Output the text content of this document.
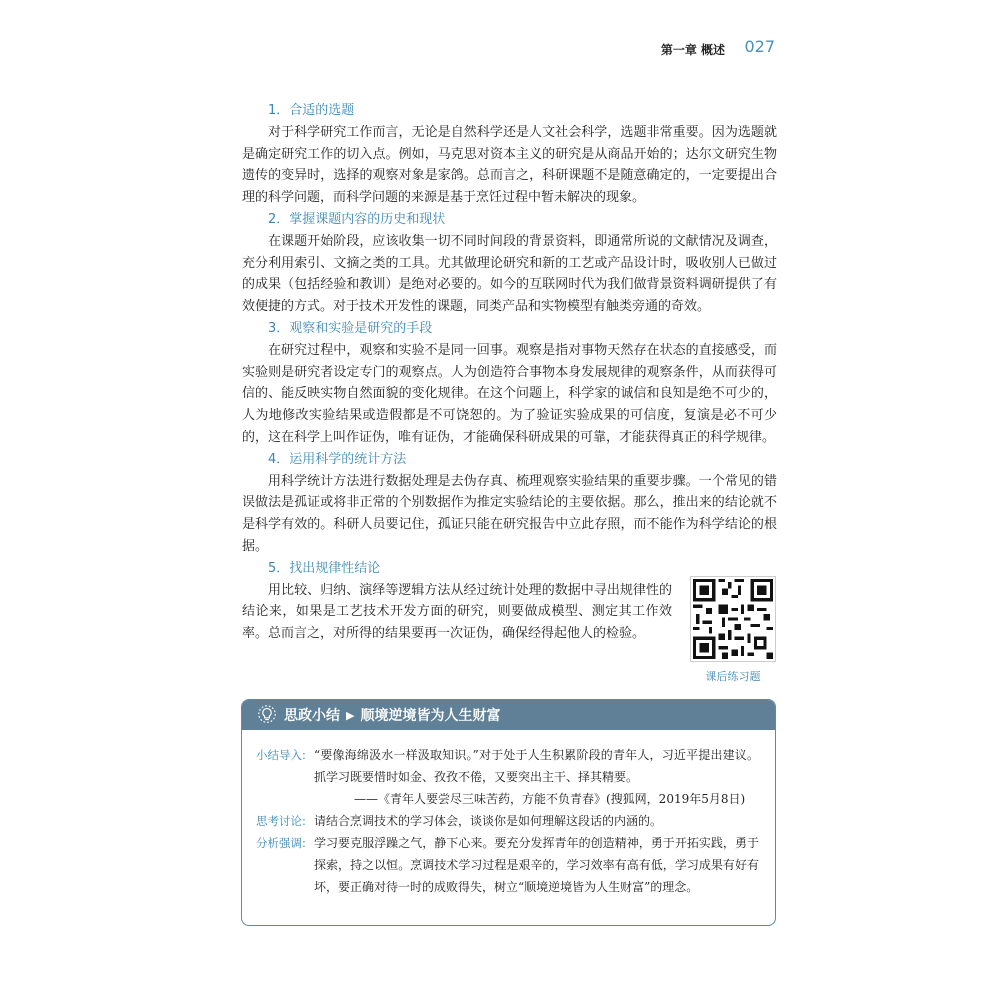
第一章 概述 027
1．合适的选题

对于科学研究工作而言，无论是自然科学还是人文社会科学，选题非常重要。因为选题就是确定研究工作的切入点。例如，马克思对资本主义的研究是从商品开始的；达尔文研究生物遗传的变异时，选择的观察对象是家鸽。总而言之，科研课题不是随意确定的，一定要提出合理的科学问题，而科学问题的来源是基于烹饪过程中暂未解决的现象。

2．掌握课题内容的历史和现状

在课题开始阶段，应该收集一切不同时间段的背景资料，即通常所说的文献情况及调查，充分利用索引、文摘之类的工具。尤其做理论研究和新的工艺或产品设计时，吸收别人已做过的成果（包括经验和教训）是绝对必要的。如今的互联网时代为我们做背景资料调研提供了有效便捷的方式。对于技术开发性的课题，同类产品和实物模型有触类旁通的奇效。

3．观察和实验是研究的手段

在研究过程中，观察和实验不是同一回事。观察是指对事物天然存在状态的直接感受，而实验则是研究者设定专门的观察点。人为创造符合事物本身发展规律的观察条件，从而获得可信的、能反映实物自然面貌的变化规律。在这个问题上，科学家的诚信和良知是绝不可少的，人为地修改实验结果或造假都是不可饶恕的。为了验证实验成果的可信度，复演是必不可少的，这在科学上叫作证伪，唯有证伪，才能确保科研成果的可靠，才能获得真正的科学规律。

4．运用科学的统计方法

用科学统计方法进行数据处理是去伪存真、梳理观察实验结果的重要步骤。一个常见的错误做法是孤证或将非正常的个别数据作为推定实验结论的主要依据。那么，推出来的结论就不是科学有效的。科研人员要记住，孤证只能在研究报告中立此存照，而不能作为科学结论的根据。

5．找出规律性结论

用比较、归纳、演绎等逻辑方法从经过统计处理的数据中寻出规律性的结论来，如果是工艺技术开发方面的研究，则要做成模型、测定其工作效率。总而言之，对所得的结果要再一次证伪，确保经得起他人的检验。

课后练习题
思政小结 ▶ 顺境逆境皆为人生财富
小结导入: “要像海绵汲水一样汲取知识。”对于处于人生积累阶段的青年人，习近平提出建议。抓学习既要惜时如金、孜孜不倦，又要突出主干、择其精要。
——《青年人要尝尽三味苦药，方能不负青春》(搜狐网，2019年5月8日)
思考讨论: 请结合烹调技术的学习体会，谈谈你是如何理解这段话的内涵的。
分析强调: 学习要克服浮躁之气，静下心来。要充分发挥青年的创造精神，勇于开拓实践，勇于探索，持之以恒。烹调技术学习过程是艰辛的，学习效率有高有低，学习成果有好有坏，要正确对待一时的成败得失，树立“顺境逆境皆为人生财富”的理念。
